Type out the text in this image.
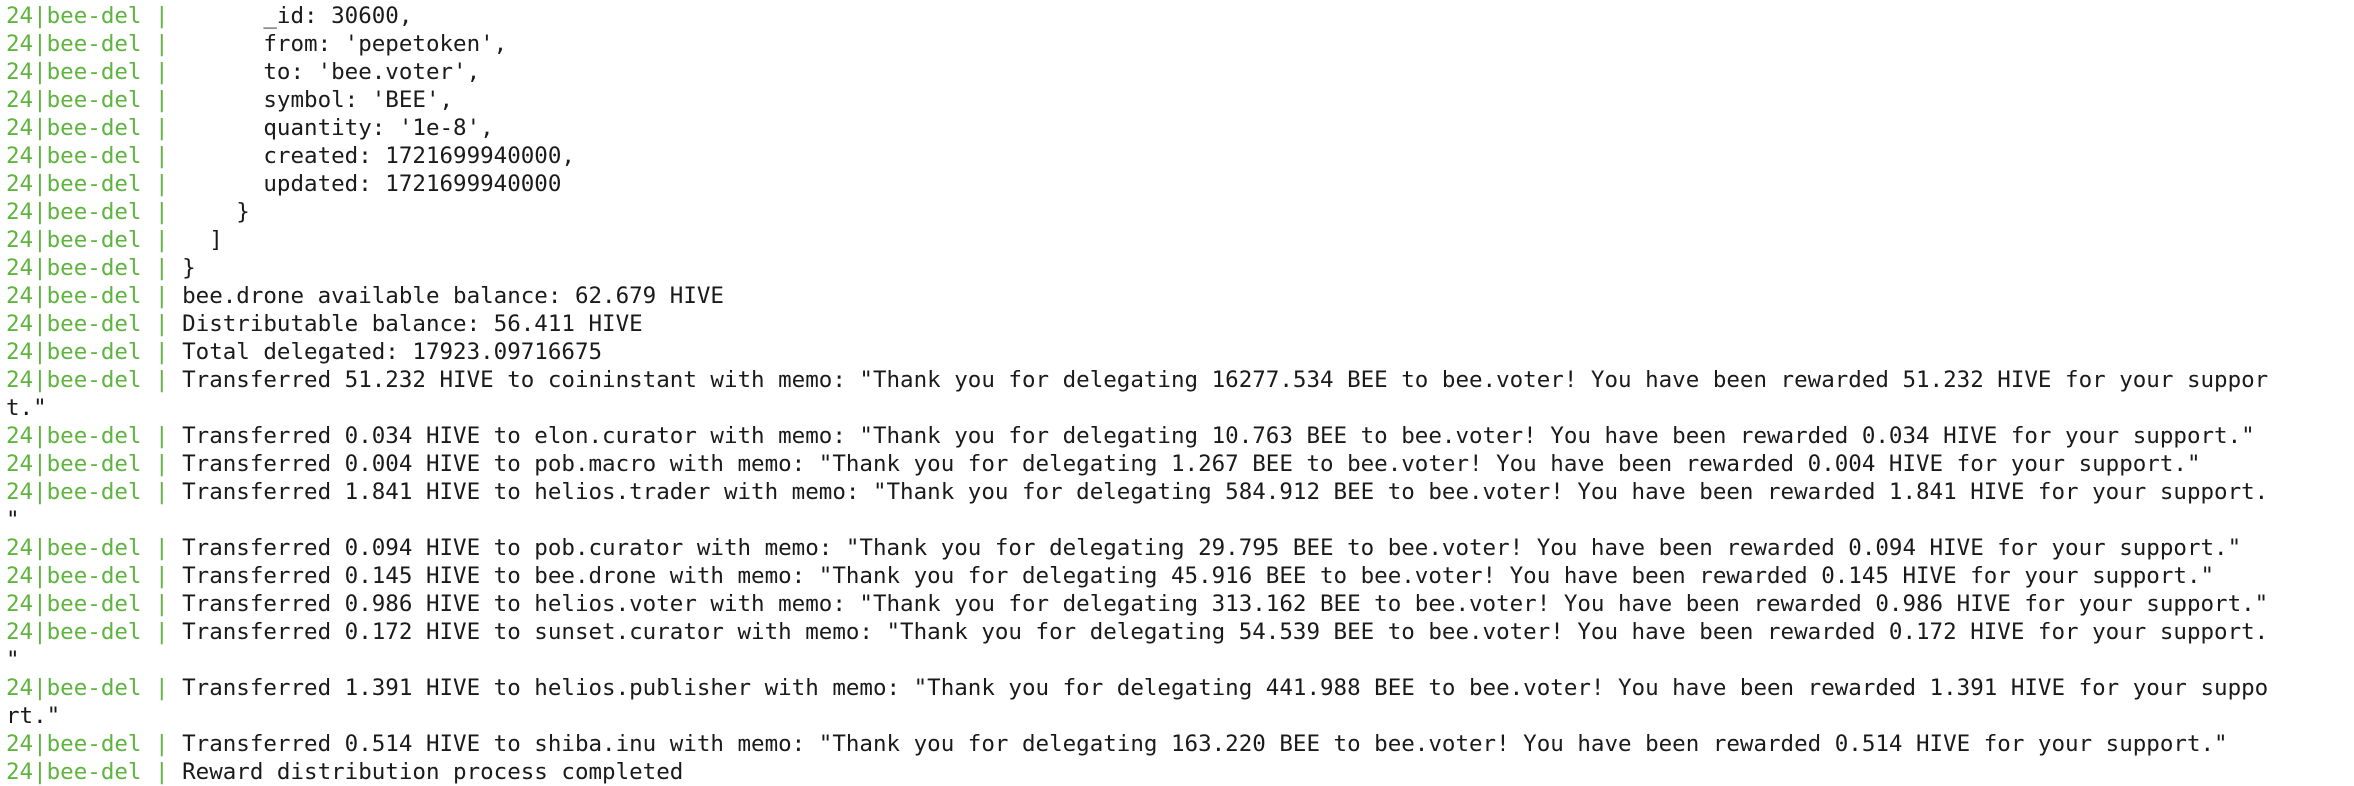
24|bee-del |       _id: 30600,
24|bee-del |       from: 'pepetoken',
24|bee-del |       to: 'bee.voter',
24|bee-del |       symbol: 'BEE',
24|bee-del |       quantity: '1e-8',
24|bee-del |       created: 1721699940000,
24|bee-del |       updated: 1721699940000
24|bee-del |     }
24|bee-del |   ]
24|bee-del | }
24|bee-del | bee.drone available balance: 62.679 HIVE
24|bee-del | Distributable balance: 56.411 HIVE
24|bee-del | Total delegated: 17923.09716675
24|bee-del | Transferred 51.232 HIVE to coininstant with memo: "Thank you for delegating 16277.534 BEE to bee.voter! You have been rewarded 51.232 HIVE for your suppor
t."
24|bee-del | Transferred 0.034 HIVE to elon.curator with memo: "Thank you for delegating 10.763 BEE to bee.voter! You have been rewarded 0.034 HIVE for your support."
24|bee-del | Transferred 0.004 HIVE to pob.macro with memo: "Thank you for delegating 1.267 BEE to bee.voter! You have been rewarded 0.004 HIVE for your support."
24|bee-del | Transferred 1.841 HIVE to helios.trader with memo: "Thank you for delegating 584.912 BEE to bee.voter! You have been rewarded 1.841 HIVE for your support.
"
24|bee-del | Transferred 0.094 HIVE to pob.curator with memo: "Thank you for delegating 29.795 BEE to bee.voter! You have been rewarded 0.094 HIVE for your support."
24|bee-del | Transferred 0.145 HIVE to bee.drone with memo: "Thank you for delegating 45.916 BEE to bee.voter! You have been rewarded 0.145 HIVE for your support."
24|bee-del | Transferred 0.986 HIVE to helios.voter with memo: "Thank you for delegating 313.162 BEE to bee.voter! You have been rewarded 0.986 HIVE for your support."
24|bee-del | Transferred 0.172 HIVE to sunset.curator with memo: "Thank you for delegating 54.539 BEE to bee.voter! You have been rewarded 0.172 HIVE for your support.
"
24|bee-del | Transferred 1.391 HIVE to helios.publisher with memo: "Thank you for delegating 441.988 BEE to bee.voter! You have been rewarded 1.391 HIVE for your suppo
rt."
24|bee-del | Transferred 0.514 HIVE to shiba.inu with memo: "Thank you for delegating 163.220 BEE to bee.voter! You have been rewarded 0.514 HIVE for your support."
24|bee-del | Reward distribution process completed
